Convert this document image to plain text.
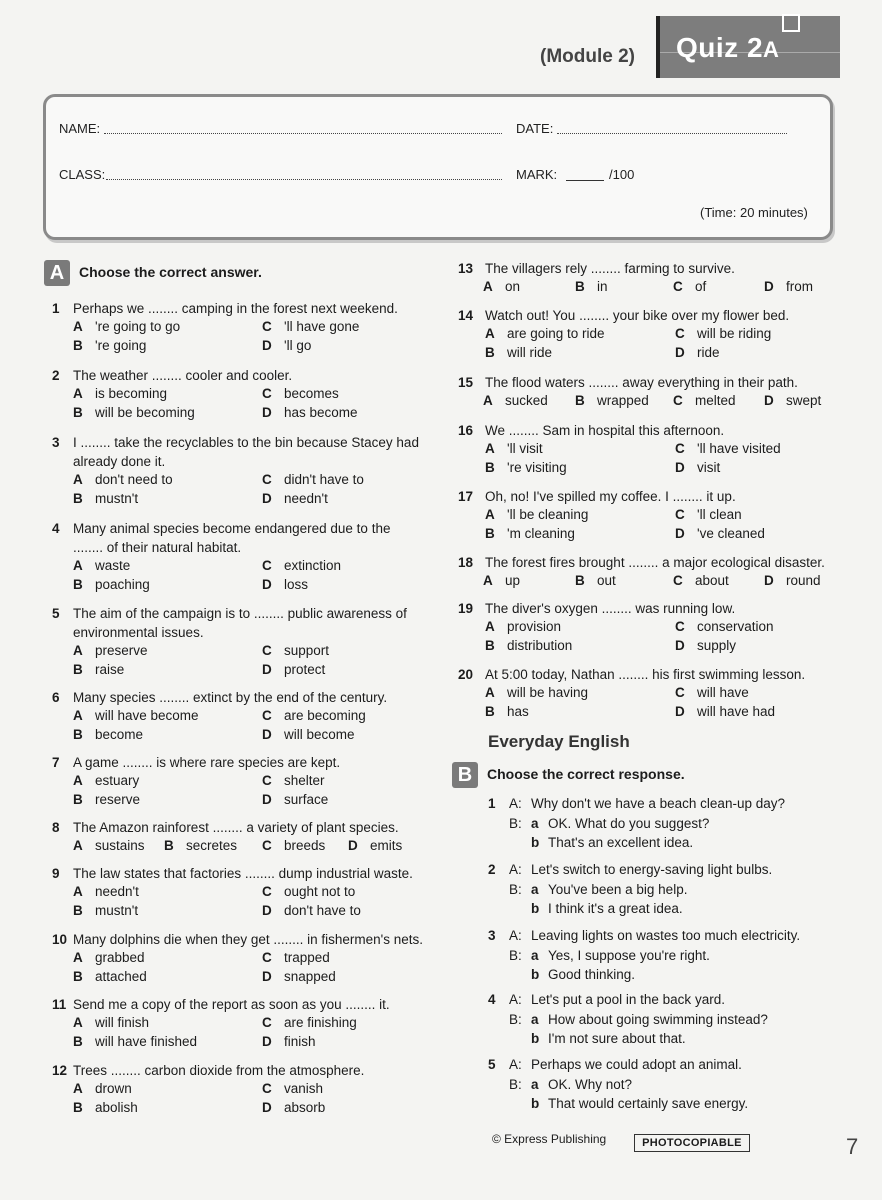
(Module 2) Quiz 2A
NAME:	DATE:
CLASS:	MARK:	/100
(Time: 20 minutes)
A	Choose the correct answer.
Everyday English
B	Choose the correct response.
© Express Publishing	PHOTOCOPIABLE	7
1 Perhaps we ........ camping in the forest next weekend.
A 're going to go	C 'll have gone
B 're going	D 'll go
2 The weather ........ cooler and cooler.
A is becoming	C becomes
B will be becoming	D has become
3 I ........ take the recyclables to the bin because Stacey had
already done it.
A don't need to	C didn't have to
B mustn't	D needn't
4 Many animal species become endangered due to the
........ of their natural habitat.
A waste	C extinction
B poaching	D loss
5 The aim of the campaign is to ........ public awareness of
environmental issues.
A preserve	C support
B raise	D protect
6 Many species ........ extinct by the end of the century.
A will have become	C are becoming
B become	D will become
7 A game ........ is where rare species are kept.
A estuary	C shelter
B reserve	D surface
8 The Amazon rainforest ........ a variety of plant species.
A sustains B secretes C breeds D emits
9 The law states that factories ........ dump industrial waste.
A needn't	C ought not to
B mustn't	D don't have to
10 Many dolphins die when they get ........ in fishermen's nets.
A grabbed	C trapped
B attached	D snapped
11 Send me a copy of the report as soon as you ........ it.
A will finish	C are finishing
B will have finished	D finish
12 Trees ........ carbon dioxide from the atmosphere.
A drown	C vanish
B abolish	D absorb
13 The villagers rely ........ farming to survive.
A on	B in	C of	D from
14 Watch out! You ........ your bike over my flower bed.
A are going to ride	C will be riding
B will ride	D ride
15 The flood waters ........ away everything in their path.
A sucked B wrapped C melted D swept
16 We ........ Sam in hospital this afternoon.
A 'll visit	C 'll have visited
B 're visiting	D visit
17 Oh, no! I've spilled my coffee. I ........ it up.
A 'll be cleaning	C 'll clean
B 'm cleaning	D 've cleaned
18 The forest fires brought ........ a major ecological disaster.
A up	B out	C about	D round
19 The diver's oxygen ........ was running low.
A provision	C conservation
B distribution	D supply
20 At 5:00 today, Nathan ........ his first swimming lesson.
A will be having	C will have
B has	D will have had
1 A: Why don't we have a beach clean-up day?
B: a OK. What do you suggest?
b That's an excellent idea.
2 A: Let's switch to energy-saving light bulbs.
B: a You've been a big help.
b I think it's a great idea.
3 A: Leaving lights on wastes too much electricity.
B: a Yes, I suppose you're right.
b Good thinking.
4 A: Let's put a pool in the back yard.
B: a How about going swimming instead?
b I'm not sure about that.
5 A: Perhaps we could adopt an animal.
B: a OK. Why not?
b That would certainly save energy.
